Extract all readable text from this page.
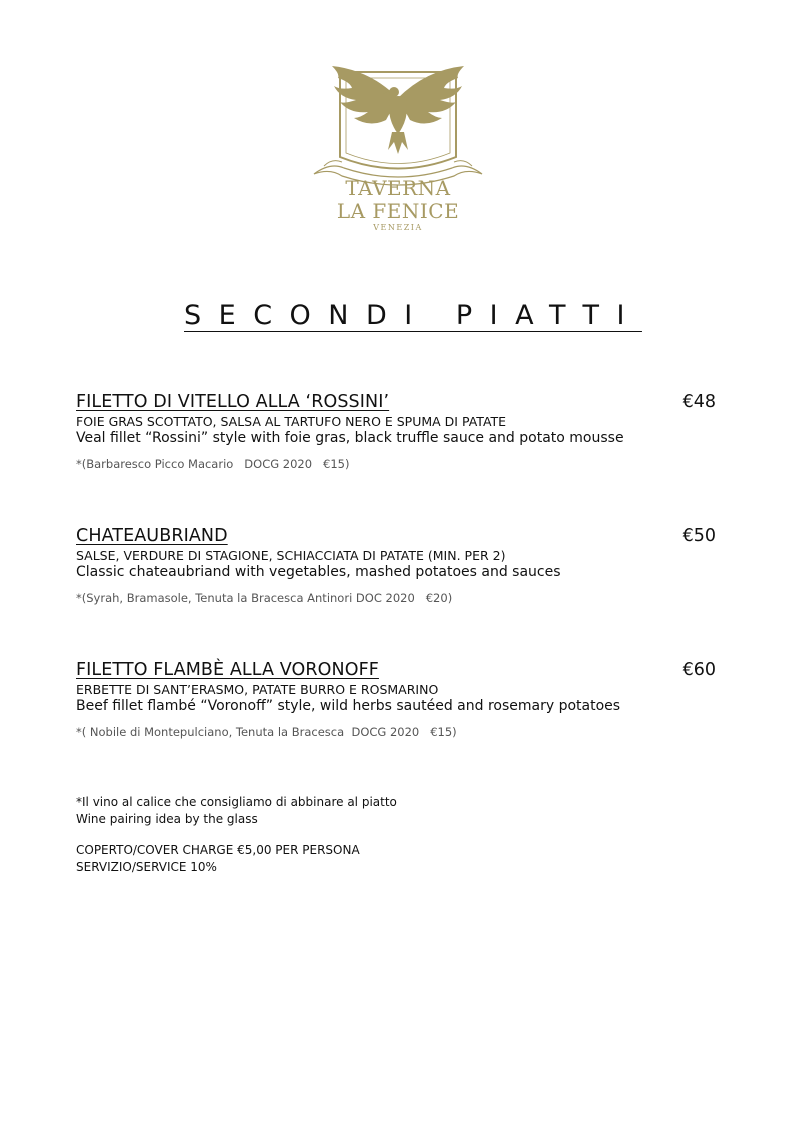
TAVERNA
LA FENICE
VENEZIA
SECONDI PIATTI
FILETTO DI VITELLO ALLA ‘ROSSINI’	€48
FOIE GRAS SCOTTATO, SALSA AL TARTUFO NERO E SPUMA DI PATATE
Veal fillet “Rossini” style with foie gras, black truffle sauce and potato mousse
*(Barbaresco Picco Macario   DOCG 2020   €15)
CHATEAUBRIAND	€50
SALSE, VERDURE DI STAGIONE, SCHIACCIATA DI PATATE (MIN. PER 2)
Classic chateaubriand with vegetables, mashed potatoes and sauces
*(Syrah, Bramasole, Tenuta la Bracesca Antinori DOC 2020   €20)
FILETTO FLAMBÈ ALLA VORONOFF	€60
ERBETTE DI SANT’ERASMO, PATATE BURRO E ROSMARINO
Beef fillet flambé “Voronoff” style, wild herbs sautéed and rosemary potatoes
*( Nobile di Montepulciano, Tenuta la Bracesca  DOCG 2020   €15)
*Il vino al calice che consigliamo di abbinare al piatto
Wine pairing idea by the glass
COPERTO/COVER CHARGE €5,00 PER PERSONA
SERVIZIO/SERVICE 10%
